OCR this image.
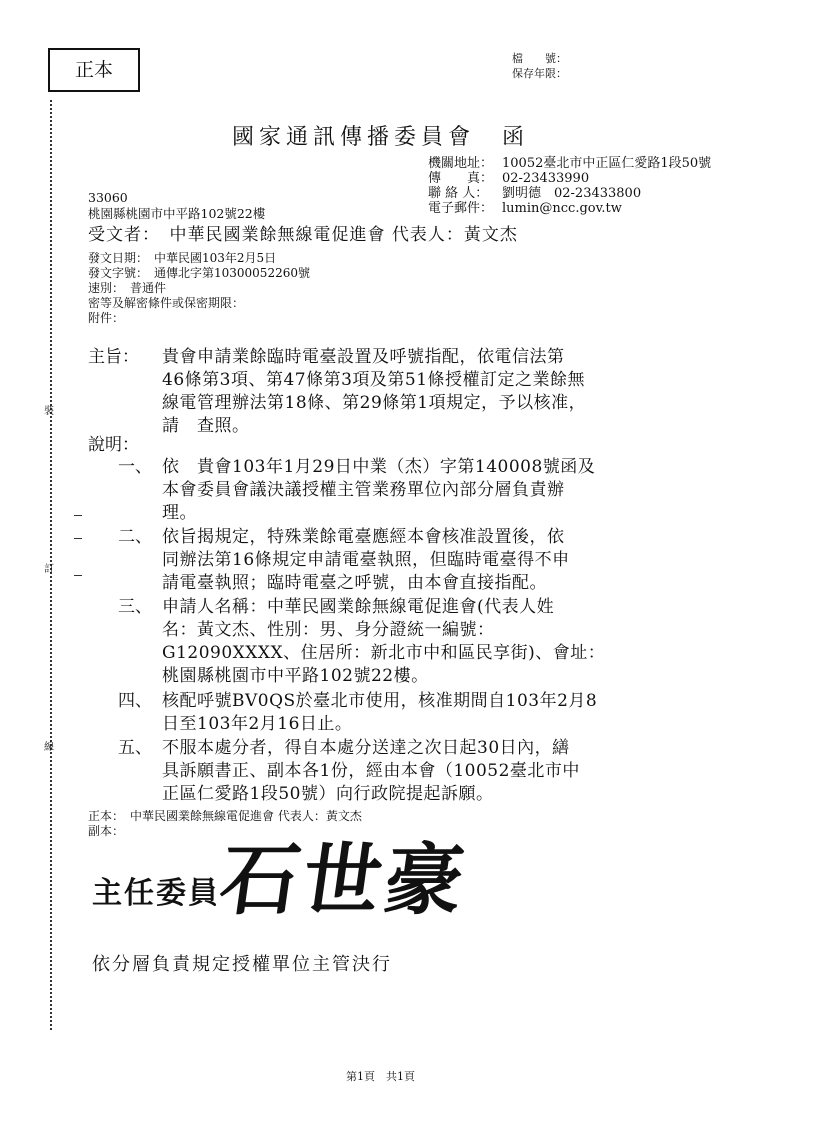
裝
訂
線
正本
檔　　號：
保存年限：
國家通訊傳播委員會　函
機關地址： 10052臺北市中正區仁愛路1段50號
傳　　真： 02-23433990
聯 絡 人： 劉明德　02-23433800
電子郵件： lumin@ncc.gov.tw
33060
桃園縣桃園市中平路102號22樓
受文者：　中華民國業餘無線電促進會 代表人：黃文杰
發文日期：　中華民國103年2月5日
發文字號：　通傳北字第10300052260號
速別：　普通件
密等及解密條件或保密期限：
附件：
主旨： 貴會申請業餘臨時電臺設置及呼號指配，依電信法第
46條第3項、第47條第3項及第51條授權訂定之業餘無
線電管理辦法第18條、第29條第1項規定，予以核准，
請　查照。
說明：
一、 依　貴會103年1月29日中業（杰）字第140008號函及
本會委員會議決議授權主管業務單位內部分層負責辦
理。
二、 依旨揭規定，特殊業餘電臺應經本會核准設置後，依
同辦法第16條規定申請電臺執照，但臨時電臺得不申
請電臺執照；臨時電臺之呼號，由本會直接指配。
三、 申請人名稱：中華民國業餘無線電促進會(代表人姓
名：黃文杰、性別：男、身分證統一編號：
G12090XXXX、住居所：新北市中和區民享街)、會址：
桃園縣桃園市中平路102號22樓。
四、 核配呼號BV0QS於臺北市使用，核准期間自103年2月8
日至103年2月16日止。
五、 不服本處分者，得自本處分送達之次日起30日內，繕
具訴願書正、副本各1份，經由本會（10052臺北市中
正區仁愛路1段50號）向行政院提起訴願。
正本：　中華民國業餘無線電促進會 代表人：黃文杰
副本：
主任委員
石世豪
依分層負責規定授權單位主管決行
第1頁　共1頁
